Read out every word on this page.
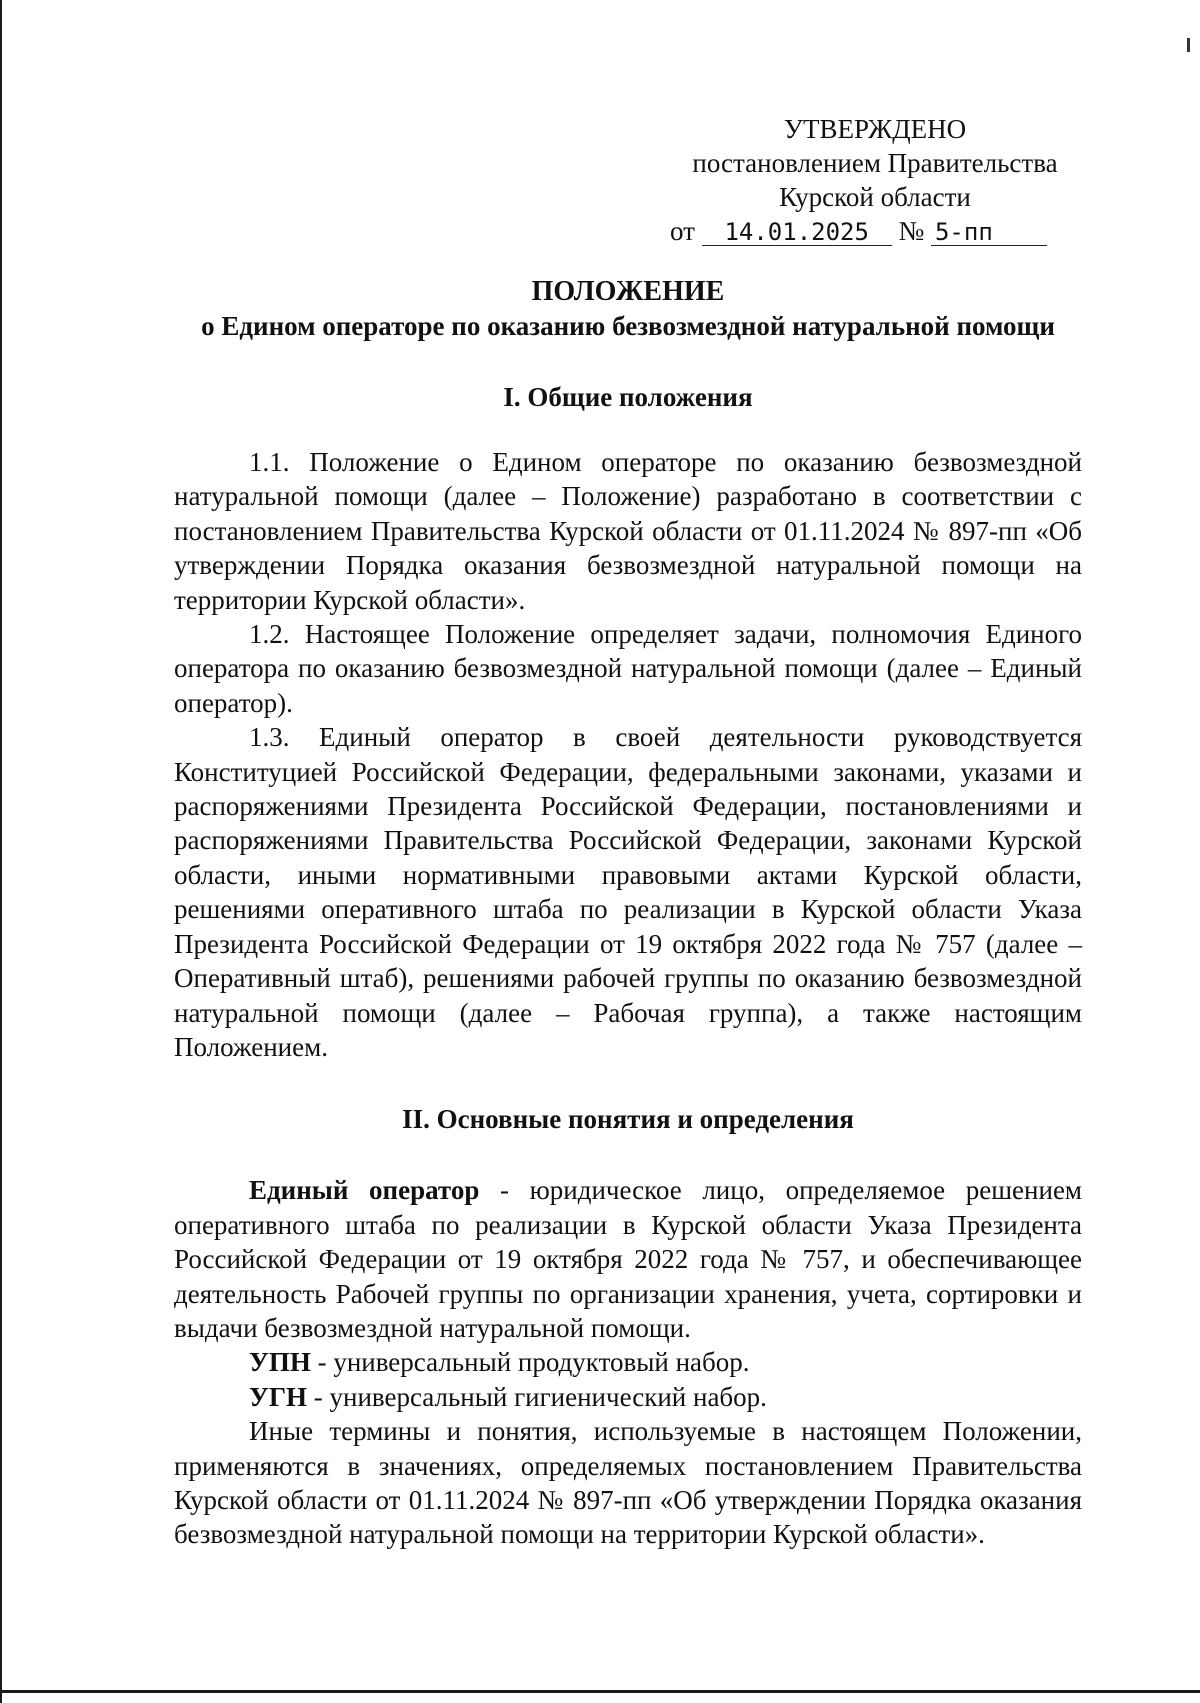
УТВЕРЖДЕНО
постановлением Правительства
Курской области
от 14.01.2025 № 5-пп
ПОЛОЖЕНИЕ
о Едином операторе по оказанию безвозмездной натуральной помощи
I. Общие положения

1.1. Положение о Едином операторе по оказанию безвозмездной натуральной помощи (далее – Положение) разработано в соответствии с постановлением Правительства Курской области от 01.11.2024 № 897-пп «Об утверждении Порядка оказания безвозмездной натуральной помощи на территории Курской области».

1.2. Настоящее Положение определяет задачи, полномочия Единого оператора по оказанию безвозмездной натуральной помощи (далее – Единый оператор).

1.3. Единый оператор в своей деятельности руководствуется Конституцией Российской Федерации, федеральными законами, указами и распоряжениями Президента Российской Федерации, постановлениями и распоряжениями Правительства Российской Федерации, законами Курской области, иными нормативными правовыми актами Курской области, решениями оперативного штаба по реализации в Курской области Указа Президента Российской Федерации от 19 октября 2022 года № 757 (далее – Оперативный штаб), решениями рабочей группы по оказанию безвозмездной натуральной помощи (далее – Рабочая группа), а также настоящим Положением.

II. Основные понятия и определения

Единый оператор - юридическое лицо, определяемое решением оперативного штаба по реализации в Курской области Указа Президента Российской Федерации от 19 октября 2022 года № 757, и обеспечивающее деятельность Рабочей группы по организации хранения, учета, сортировки и выдачи безвозмездной натуральной помощи.

УПН - универсальный продуктовый набор.

УГН - универсальный гигиенический набор.

Иные термины и понятия, используемые в настоящем Положении, применяются в значениях, определяемых постановлением Правительства Курской области от 01.11.2024 № 897-пп «Об утверждении Порядка оказания безвозмездной натуральной помощи на территории Курской области».
